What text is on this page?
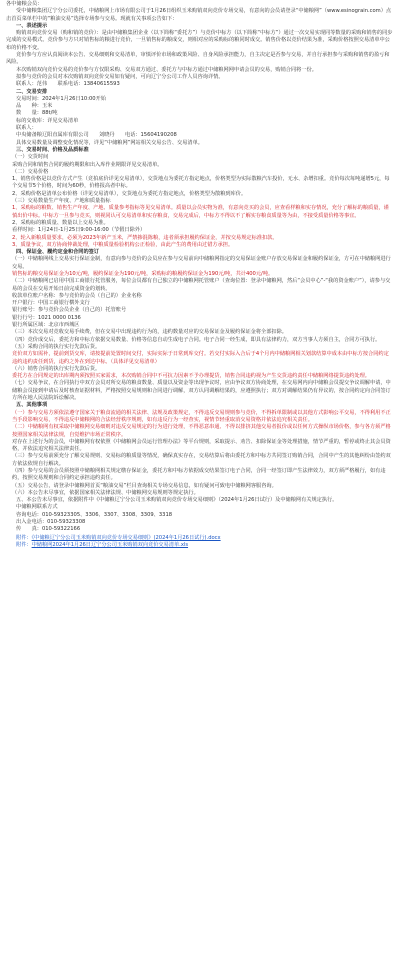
各中储粮会员：

受中储粮集团辽宁分公司委托，中储粮网上市场有限公司于1月26日组织玉米购销双向竞价专场交易，有意向的会员请登录“中储粮网”（www.esinograin.com）点击首页菜单栏中的“粮油交易”选择专场参与交易。现就有关事项公告如下：

一、表述提示

购销双向竞价交易（购和销的竞价）：是由中储粮集团企业（以下简称“委托方”）与竞价中标方（以下简称“中标方”）通过一次交易实现同等数量的采购和销售的同步完成的交易模式。竞价参与方只对销售标的粮进行竞价，一旦销售标的粮成交，则相对应的采购标的粮同时成交。销售价格以竞价结果为准，采购价格按照交易清单中公布的价格不变。

竞价参与方应认真阅读本公告、交易细则和交易清单，审慎评价市场和政策风险、自身风险承担能力，自主决定是否参与交易，并自行承担参与采购和销售的盈亏和风险。

本次购销双向竞价交易的竞价参与方仅限采购、交易双方通过、委托方与中标方通过中储粮网网申请会员的交易，购销合同将一份。

拟参与竞价的会员对本次购销双向竞价交易如有疑问，可向辽宁分公司工作人员咨询详情。

联系人：范伟　　联系电话：13840615593

二、交易安排

交易时间：2024年1月26日10:00开始

品　　种：玉米

数　　量：88t/吨

标的交收库：详见交易清单

联系人：

中央储备粮辽阳直属库有限公司　　刘晓丹　　电话：15604190208

具体交易数量及调整变化情况等，详见“中储粮网”网站相关交易公告、交易清单。

三、交易时间、价格及品质标准

（一）交货时间

采购合同和销售合同的履约期限和出入库作业期限详见交易清单。

（二）交易价格

1、销售价格是以竞价方式产生（竞拍底价详见交易清单），交货地点为委托方指定地点，价格类型为实际散粮汽车投价，无水、杂增扣重。竞价每次每吨递增5元，每个交易节5个价格，时间为60秒，价格报高者中标。

2、采购价格是清单公布价格（详见交易清单），交货地点为委托方指定地点，价格类型为散粮到库价。

（三）交易数量生产年度、产地和质量指标

1、采购标的粮数、销售生产年度、产地、质量参考指标等见交易清单。质量以会员实物为准，有意向竞买的会员，应查看样粮和实存情况，充分了解标的粮质量，谨慎出价中标。中标方一旦参与竞买，则视同认可交易清单和实存粮食，交易完成后，中标方不得以不了解实存粮食质量等为由，不接受质量价格等事宜。

2、采购标的粮质量、数量以上交易为准。

看样时间：1月24日-1月25日9:00-16:00（节假日除外）

2、轮入新粮质量要求，必须为2023年新产玉米，严禁掺混陈粮，违者须承担履约保证金，并按交易规定标准扣款。

3、质量争议，双方协商仲裁处理，中粮质量检验机构公正检验，由此产生的费用由过错方承担。

四、保证金、履约定金和合同的签订

（一）中储粮网线上交易实行保证金制，有意向参与竞价的会员应在参与交易前向中储粮网指定的交易保证金账户存放交易保证金和履约保证金，方可在中储粮网进行交易。

销售标的粮交易保证金为10元/吨，履约保证金为190元/吨，采购标的粮履约保证金为190元/吨，共计400元/吨。

（二）中储粮网已启用中国工商银行托管服务，每位会员都有自己独立的中储粮网托管账户（查询位置：登录中储粮网，然后“会员中心”-“我的资金账户”），请参与交易的会员在交易开始日前完成资金的划转。

收款单位账户名称：参与竞价的会员（自己的）企业名称

开户银行：中国工商银行横外支行

银行账号：参与竞价会员企业（自己的）托管账号

银行行号：1021 0000 0136

银行所属区域：北京市西城区

（三）本次交易对竞收交易手续费，但在交易中出现违约行为的，违约数量对应的交易保证金及履约保证金将全部扣除。

（四）竞价成交后，委托方和中标方依据交易数量、价格等信息自动生成电子合同。电子合同一经生成，即具有法律约力，双方当事人方须自主，合同方可执行。

（五）采购合同的执行实行先款后货。

竞价双方如需补，提前到货交库，请按提前处置时间交付，实际实际于日常到库交付。若交付实际入合后于4个月内中储粮网相关划款结算中成本由中标方按合同约定违约违约责任到货，违约之外在到达中标。（具体详见交易清单）

（六）销售合同的执行实行先款后货。

委托方在合同规定的出库期内须按照买家需求，本次购销合同中不可抗力因素不予办理提货，销售合同违约视为产生交货违约责任中储粮网络提货违约处理。

（七）交易争议，在合同执行中双方会员对所交易的粮食数量、质量以及资金等出现争议时，应由争议双方协商处理，在交易网内向中储粮会员提交争议调解申请，中储粮会员接到申请后及时核查证据材料，严格按照交易规则和合同进行调解，双方认同调解结果的，应遵照执行；双方对调解结果仍有异议的，按合同约定向合同签订方所在地人民法院诉讼解决。

五、其他事项

（一）参与交易方须依法遵守国家关于粮食流通的相关法律、法规及政策规定，不得违反交易规则参与竞价，不得拆单限制或以其他方式影响公平交易，不得利用不正当手段影响交易，不得违反中储粮网的合法经营秩序规则，如有违反行为一经查实，视情节轻重取消交易资格并依法追究相关责任。

（二）中储粮网有权采取中储粮网交易细则对违反交易规定的行为进行处理，不得恶意串通、不得以排挤其他交易者报价或以任何方式操纵市场价格，参与各方须严格按照国家相关法律法规，自觉维护市场正常秩序。

对存在上述行为的会员，中储粮网有权依照《中储粮网会员运行管理办法》等平台规则，采取提示、劝告、扣除保证金等处理措施，情节严重的，暂停或终止其会员资格，并依法追究相关法律责任。

（三）参与交易前须充分了解交易规则、交易标的粮质量等情况，确保真实存在，交易结算后将由委托方和中标方共同签订购销合同，合同中产生的其他纠纷由签约双方依法依规自行解决。

（四）参与交易的会员须按照中储粮网相关规定缴存保证金，委托方和中标方依据成交结果签订电子合同，合同一经签订即产生法律效力，双方须严格履行，如有违约，按照交易规则和合同约定承担违约责任。

（五）交易公告，请登录中储粮网首页“粮油交易”栏目查询相关专场交易信息，如有疑问可致电中储粮网客服咨询。

（六）本公告未尽事宜，依据国家相关法律法规、中储粮网交易规则等规定执行。

五、本公告未尽事宜，依据附件中《中储粮辽宁分公司玉米购销双向竞价专场交易细则》（2024年1月26日试行）及中储粮网有关规定执行。

中储粮网联系方式

咨询电话：010-59323305、3306、3307、3308、3309、3318

出入金电话：010-59323308

传　　真：010-59322166

附件：《中储粮辽宁分公司玉米购销双向竞价专场交易细则》(2024年1月26日试行).docx

附件：中储粮网2024年1月26日辽宁分公司玉米购销双向竞价交易清单.xls
